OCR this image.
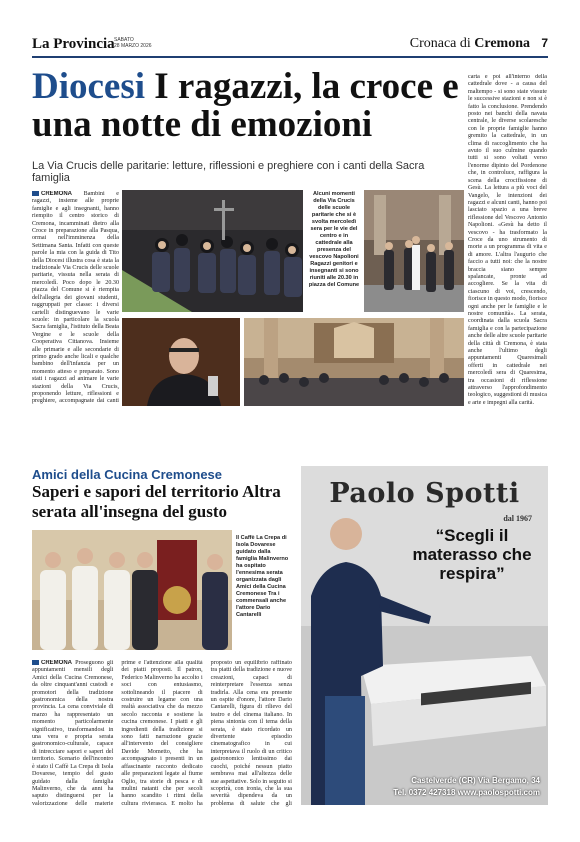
La Provincia SABATO
28 MARZO 2026	Cronaca di Cremona 7
Diocesi I ragazzi, la croce e una notte di emozioni
La Via Crucis delle paritarie: letture, riflessioni e preghiere con i canti della Sacra famiglia
CREMONA Bambini e ragazzi, insieme alle proprie famiglie e agli insegnanti, hanno riempito il centro storico di Cremona, incamminati dietro alla Croce in preparazione alla Pasqua, ormai nell'imminenza della Settimana Santa. Infatti con queste parole la mia con la guida di Tito della Diocesi illustra cosa è stata la tradizionale Via Crucis delle scuole paritarie, vissuta nella serata di mercoledì. Poco dopo le 20.30 piazza del Comune si è riempita dell'allegria dei giovani studenti, raggruppati per classe: i diversi cartelli distinguevano le varie scuole: in particolare la scuola Sacra famiglia, l'istituto della Beata Vergine e le scuole della Cooperativa Cittanova. Insieme alle primarie e alle secondarie di primo grado anche licali e qualche bambino dell'infanzia per un momento atteso e preparato. Sono stati i ragazzi ad animare le varie stazioni della Via Crucis, proponendo letture, riflessioni e preghiere, accompagnate dai canti
Alcuni momenti della Via Crucis delle scuole paritarie che si è svolta mercoledì sera per le vie del centro e in cattedrale alla presenza del vescovo Napolioni Ragazzi genitori e insegnanti si sono riuniti alle 20.30 in piazza del Comune
carta e poi all'interno della cattedrale dove - a causa del maltempo - si sono state vissute le successive stazioni e non si è fatto la conclusione. Prendendo posto nei banchi della navata centrale, le diverse scolaresche con le proprie famiglie hanno gremito la cattedrale, in un clima di raccoglimento che ha avuto il suo culmine quando tutti si sono voltati verso l'enorme dipinto del Pordenone che, in controluce, raffigura la scena della crocifissione di Gesù. La lettura a più voci del Vangelo, le intenzioni dei ragazzi e alcuni canti, hanno poi lasciato spazio a una breve riflessione del Vescovo Antonio Napolioni. «Gesù ha detto il vescovo - ha trasformato la Croce da uno strumento di morte a un programma di vita e di amore. L'altra l'augurio che faccio a tutti noi: che la nostre braccia siano sempre spalancate, pronte ad accogliere. Se la vita di ciascuno di voi, crescendo, fiorisce in questo modo, fiorisce ogni anche per le famiglie e le nostre comunità». La serata, coordinata dalla scuola Sacra famiglia e con la partecipazione anche delle altre scuole paritarie della città di Cremona, è stata anche l'ultimo degli appuntamenti Quaresimali offerti in cattedrale nei mercoledì sera di Quaresima, tra occasioni di riflessione attraverso l'approfondimento teologico, suggestioni di musica e arte e impegni alla carità.
Amici della Cucina Cremonese
Saperi e sapori del territorio Altra serata all'insegna del gusto
Il Caffè La Crepa di Isola Dovarese guidato dalla famiglia Malinverno ha ospitato l'ennesima serata organizzata dagli Amici della Cucina Cremonese Tra i commensali anche l'attore Dario Cantarelli
CREMONA Proseguono gli appuntamenti mensili degli Amici della Cucina Cremonese, da oltre cinquant'anni custodi e promotori della tradizione gastronomica della nostra provincia. La cena conviviale di marzo ha rappresentato un momento particolarmente significativo, trasformandosi in una vera e propria serata gastronomico-culturale, capace di intrecciare sapori e saperi del territorio. Scenario dell'incontro è stato il Caffè La Crepa di Isola Dovarese, tempio del gusto guidato dalla famiglia Malinverno, che da anni ha saputo distinguersi per la valorizzazione delle materie prime e l'attenzione alla qualità dei piatti proposti. Il patron, Federico Malinverno ha accolto i soci con entusiasmo, sottolineando il piacere di costruire un legame con una realtà associativa che da mezzo secolo racconta e sostiene la cucina cremonese. I piatti e gli ingredienti della tradizione si sono fatti narrazione grazie all'intervento del consigliere Davide Mometto, che ha accompagnato i presenti in un affascinante racconto dedicato alle preparazioni legate al fiume Oglio, tra storie di pesca e di mulini natanti che per secoli hanno scandito i ritmi della cultura rivierasca. E molto ha proposto un equilibrio raffinato tra piatti della tradizione e nuove creazioni, capaci di reinterpretare l'essenza senza tradirla. Alla cena era presente un ospite d'onore, l'attore Dario Cantarelli, figura di rilievo del teatro e del cinema italiano. In piena sintonia con il tema della serata, è stato ricordato un divertente episodio cinematografico in cui interpretava il ruolo di un critico gastronomico lentissimo dai cuochi, poiché nessun piatto sembrava mai all'altezza delle sue aspettative. Solo in seguito si scoprirà, con ironia, che la sua severità dipendeva da un problema di salute che gli
Paolo Spotti
dal 1967
“Scegli il materasso che respira”
Castelverde (CR) Via Bergamo, 34
Tel. 0372 427318 www.paolospotti.com
